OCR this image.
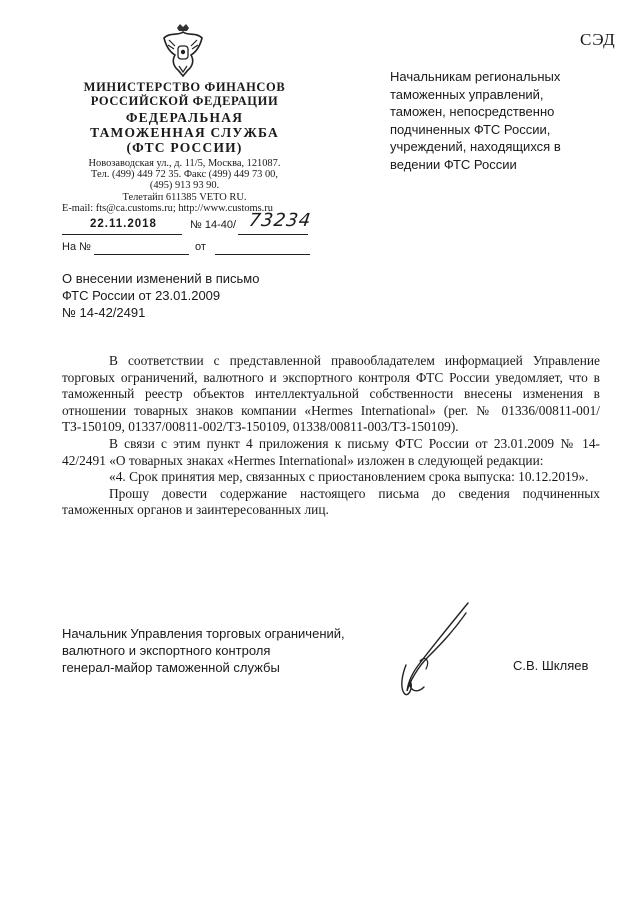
СЭД
МИНИСТЕРСТВО ФИНАНСОВ
РОССИЙСКОЙ ФЕДЕРАЦИИ
ФЕДЕРАЛЬНАЯ
ТАМОЖЕННАЯ СЛУЖБА
(ФТС РОССИИ)
Новозаводская ул., д. 11/5, Москва, 121087.
Тел. (499) 449 72 35. Факс (499) 449 73 00,
(495) 913 93 90.
Телетайп 611385 VETO RU.
E-mail: fts@ca.customs.ru; http://www.customs.ru
Начальникам региональных
таможенных управлений,
таможен, непосредственно
подчиненных ФТС России,
учреждений, находящихся в
ведении ФТС России
22.11.2018	№ 14-40/ 73234
На №	от
О внесении изменений в письмо
ФТС России от 23.01.2009
№ 14-42/2491

В соответствии с представленной правообладателем информацией Управление торговых ограничений, валютного и экспортного контроля ФТС России уведомляет, что в таможенный реестр объектов интеллектуальной собственности внесены изменения в отношении товарных знаков компании «Hermes International» (рег. № 01336/00811-001/ТЗ-150109, 01337/00811-002/ТЗ-150109, 01338/00811-003/ТЗ-150109).

В связи с этим пункт 4 приложения к письму ФТС России от 23.01.2009 № 14-42/2491 «О товарных знаках «Hermes International» изложен в следующей редакции:

«4. Срок принятия мер, связанных с приостановлением срока выпуска: 10.12.2019».

Прошу довести содержание настоящего письма до сведения подчиненных таможенных органов и заинтересованных лиц.

Начальник Управления торговых ограничений,
валютного и экспортного контроля
генерал-майор таможенной службы	С.В. Шкляев
